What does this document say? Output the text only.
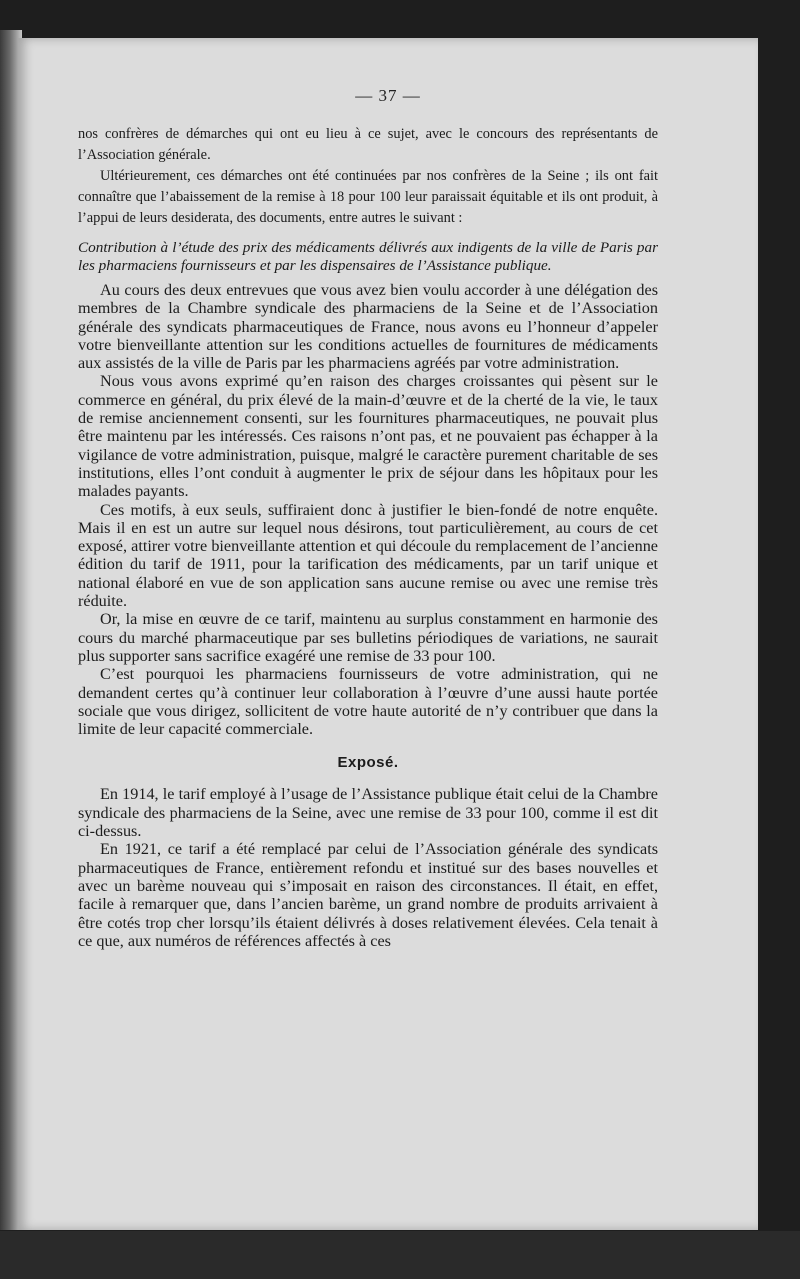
— 37 —

nos confrères de démarches qui ont eu lieu à ce sujet, avec le concours des représentants de l’Association générale.

Ultérieurement, ces démarches ont été continuées par nos confrères de la Seine ; ils ont fait connaître que l’abaissement de la remise à 18 pour 100 leur paraissait équitable et ils ont produit, à l’appui de leurs desiderata, des documents, entre autres le suivant :

Contribution à l’étude des prix des médicaments délivrés aux indigents de la ville de Paris par les pharmaciens fournisseurs et par les dispensaires de l’Assistance publique.

Au cours des deux entrevues que vous avez bien voulu accorder à une délégation des membres de la Chambre syndicale des pharmaciens de la Seine et de l’Association générale des syndicats pharmaceutiques de France, nous avons eu l’honneur d’appeler votre bienveillante attention sur les conditions actuelles de fournitures de médicaments aux assistés de la ville de Paris par les pharmaciens agréés par votre administration.

Nous vous avons exprimé qu’en raison des charges croissantes qui pèsent sur le commerce en général, du prix élevé de la main-d’œuvre et de la cherté de la vie, le taux de remise anciennement consenti, sur les fournitures pharmaceutiques, ne pouvait plus être maintenu par les intéressés. Ces raisons n’ont pas, et ne pouvaient pas échapper à la vigilance de votre administration, puisque, malgré le caractère purement charitable de ses institutions, elles l’ont conduit à augmenter le prix de séjour dans les hôpitaux pour les malades payants.

Ces motifs, à eux seuls, suffiraient donc à justifier le bien-fondé de notre enquête. Mais il en est un autre sur lequel nous désirons, tout particulièrement, au cours de cet exposé, attirer votre bienveillante attention et qui découle du remplacement de l’ancienne édition du tarif de 1911, pour la tarification des médicaments, par un tarif unique et national élaboré en vue de son application sans aucune remise ou avec une remise très réduite.

Or, la mise en œuvre de ce tarif, maintenu au surplus constamment en harmonie des cours du marché pharmaceutique par ses bulletins périodiques de variations, ne saurait plus supporter sans sacrifice exagéré une remise de 33 pour 100.

C’est pourquoi les pharmaciens fournisseurs de votre administration, qui ne demandent certes qu’à continuer leur collaboration à l’œuvre d’une aussi haute portée sociale que vous dirigez, sollicitent de votre haute autorité de n’y contribuer que dans la limite de leur capacité commerciale.

Exposé.

En 1914, le tarif employé à l’usage de l’Assistance publique était celui de la Chambre syndicale des pharmaciens de la Seine, avec une remise de 33 pour 100, comme il est dit ci-dessus.

En 1921, ce tarif a été remplacé par celui de l’Association générale des syndicats pharmaceutiques de France, entièrement refondu et institué sur des bases nouvelles et avec un barème nouveau qui s’imposait en raison des circonstances. Il était, en effet, facile à remarquer que, dans l’ancien barème, un grand nombre de produits arrivaient à être cotés trop cher lorsqu’ils étaient délivrés à doses relativement élevées. Cela tenait à ce que, aux numéros de références affectés à ces
